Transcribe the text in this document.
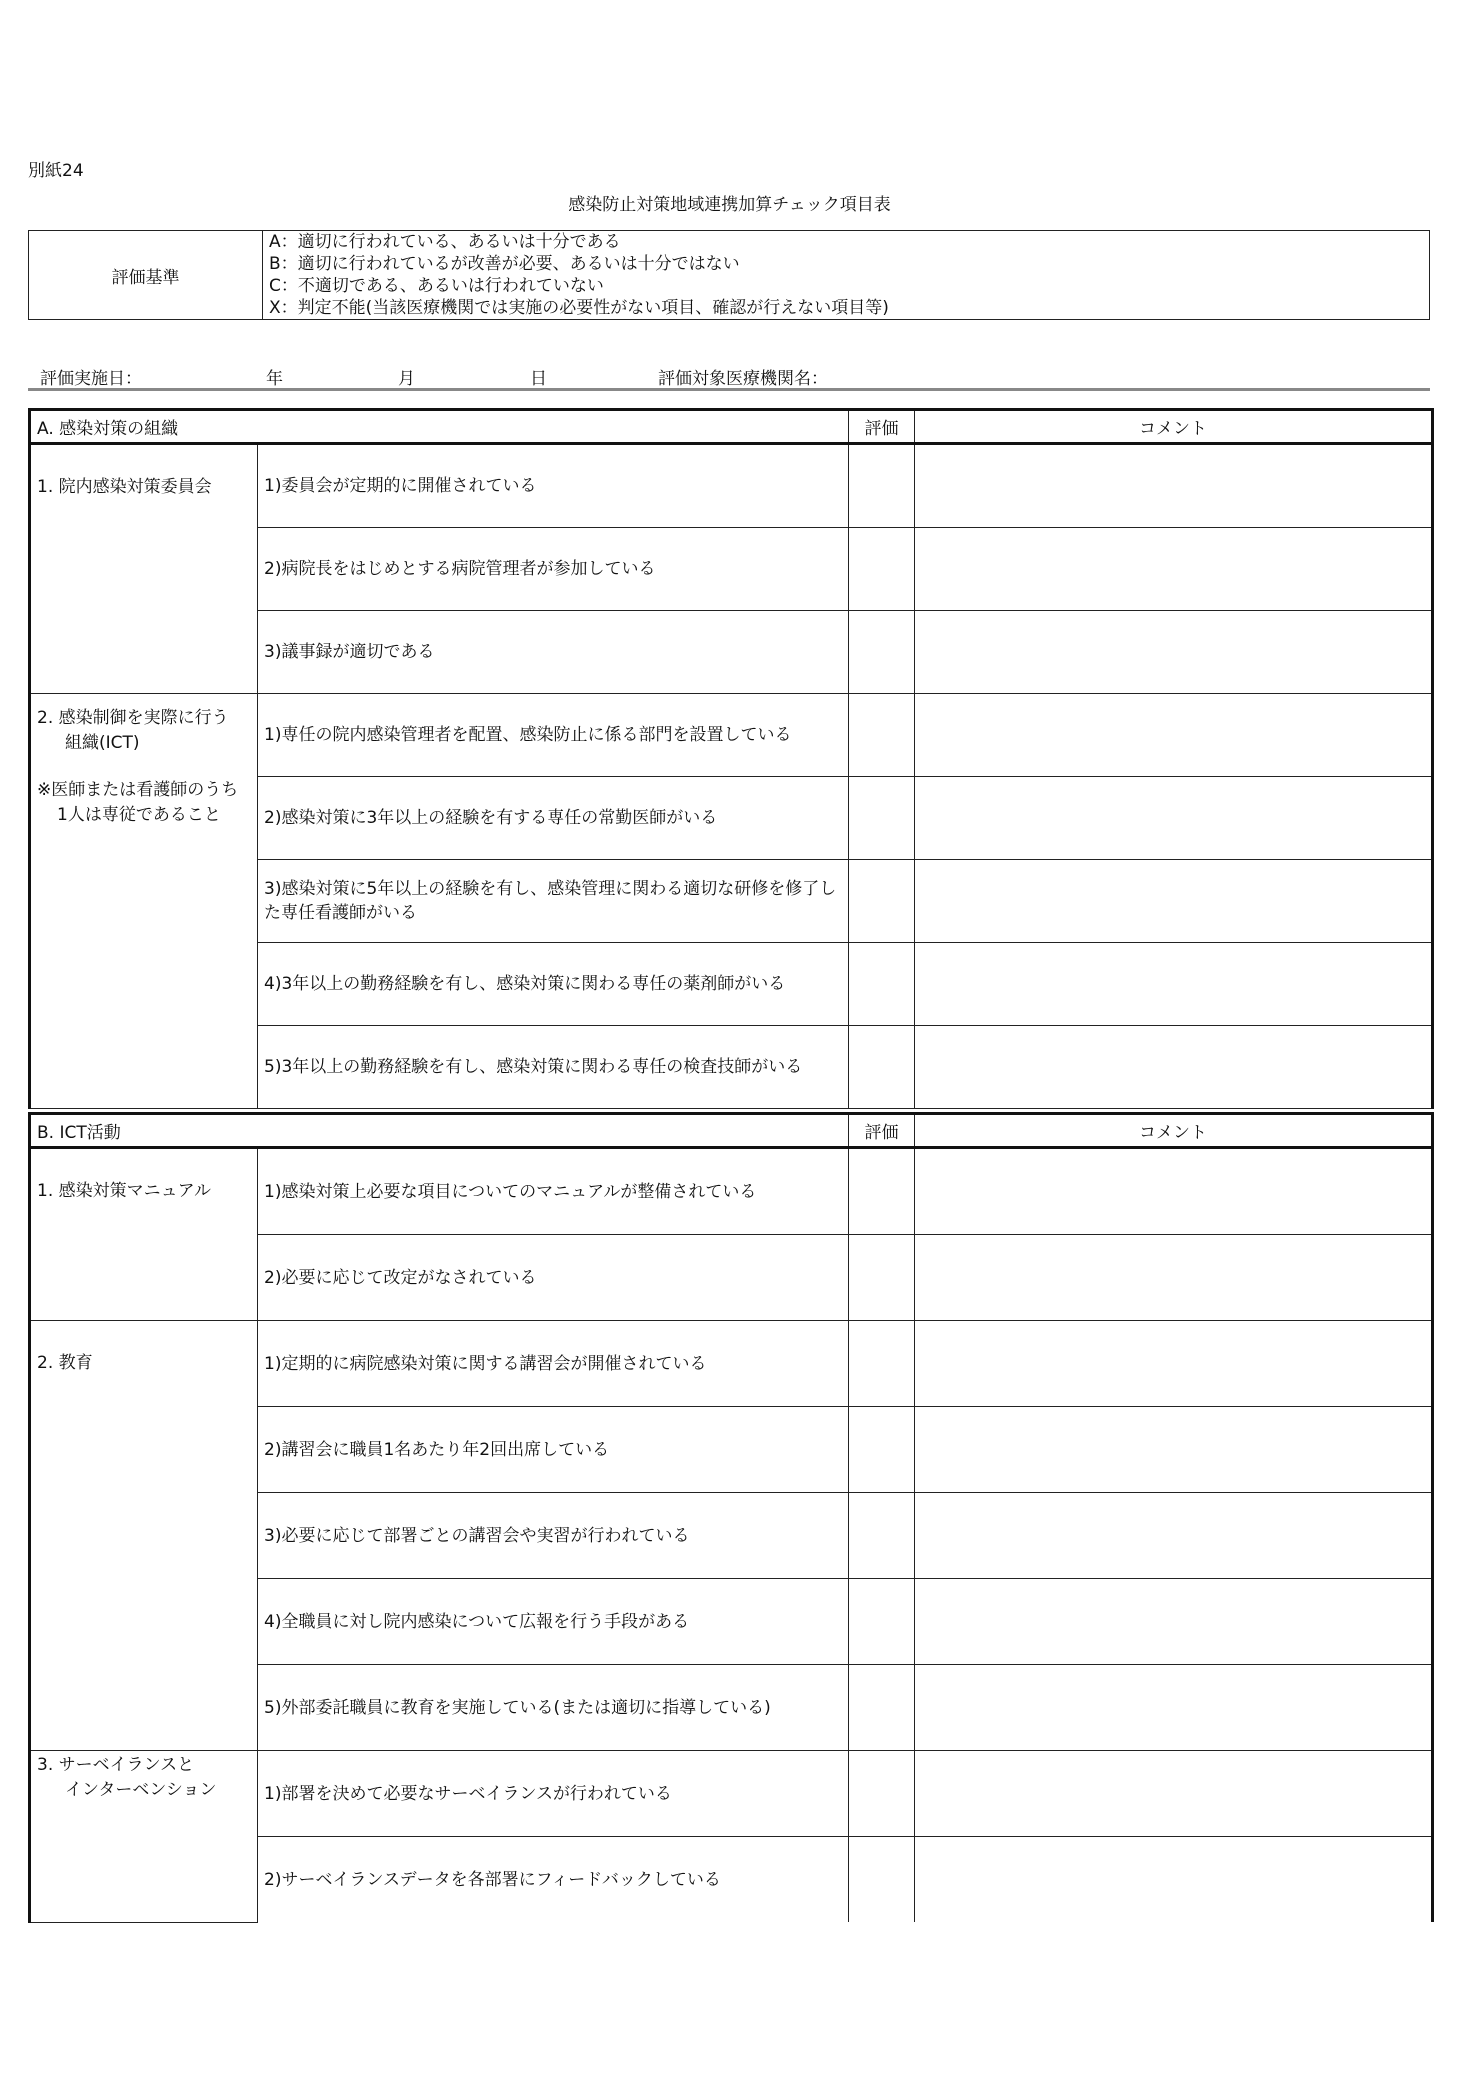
別紙24
感染防止対策地域連携加算チェック項目表
評価基準
A：適切に行われている、あるいは十分である
B：適切に行われているが改善が必要、あるいは十分ではない
C：不適切である、あるいは行われていない
X：判定不能(当該医療機関では実施の必要性がない項目、確認が行えない項目等)
評価実施日：	年	月	日	評価対象医療機関名：
A. 感染対策の組織		評価	コメント
1. 院内感染対策委員会	1)委員会が定期的に開催されている		
	2)病院長をはじめとする病院管理者が参加している		
	3)議事録が適切である		
2. 感染制御を実際に行う

組織(ICT)
※医師または看護師のうち

1人は専従であること	1)専任の院内感染管理者を配置、感染防止に係る部門を設置している		
	2)感染対策に3年以上の経験を有する専任の常勤医師がいる		
	3)感染対策に5年以上の経験を有し、感染管理に関わる適切な研修を修了した専任看護師がいる		
	4)3年以上の勤務経験を有し、感染対策に関わる専任の薬剤師がいる		
	5)3年以上の勤務経験を有し、感染対策に関わる専任の検査技師がいる		
B. ICT活動		評価	コメント
1. 感染対策マニュアル	1)感染対策上必要な項目についてのマニュアルが整備されている		
	2)必要に応じて改定がなされている		
2. 教育	1)定期的に病院感染対策に関する講習会が開催されている		
	2)講習会に職員1名あたり年2回出席している		
	3)必要に応じて部署ごとの講習会や実習が行われている		
	4)全職員に対し院内感染について広報を行う手段がある		
	5)外部委託職員に教育を実施している(または適切に指導している)		
3. サーベイランスと

インターベンション	1)部署を決めて必要なサーベイランスが行われている		
	2)サーベイランスデータを各部署にフィードバックしている		
